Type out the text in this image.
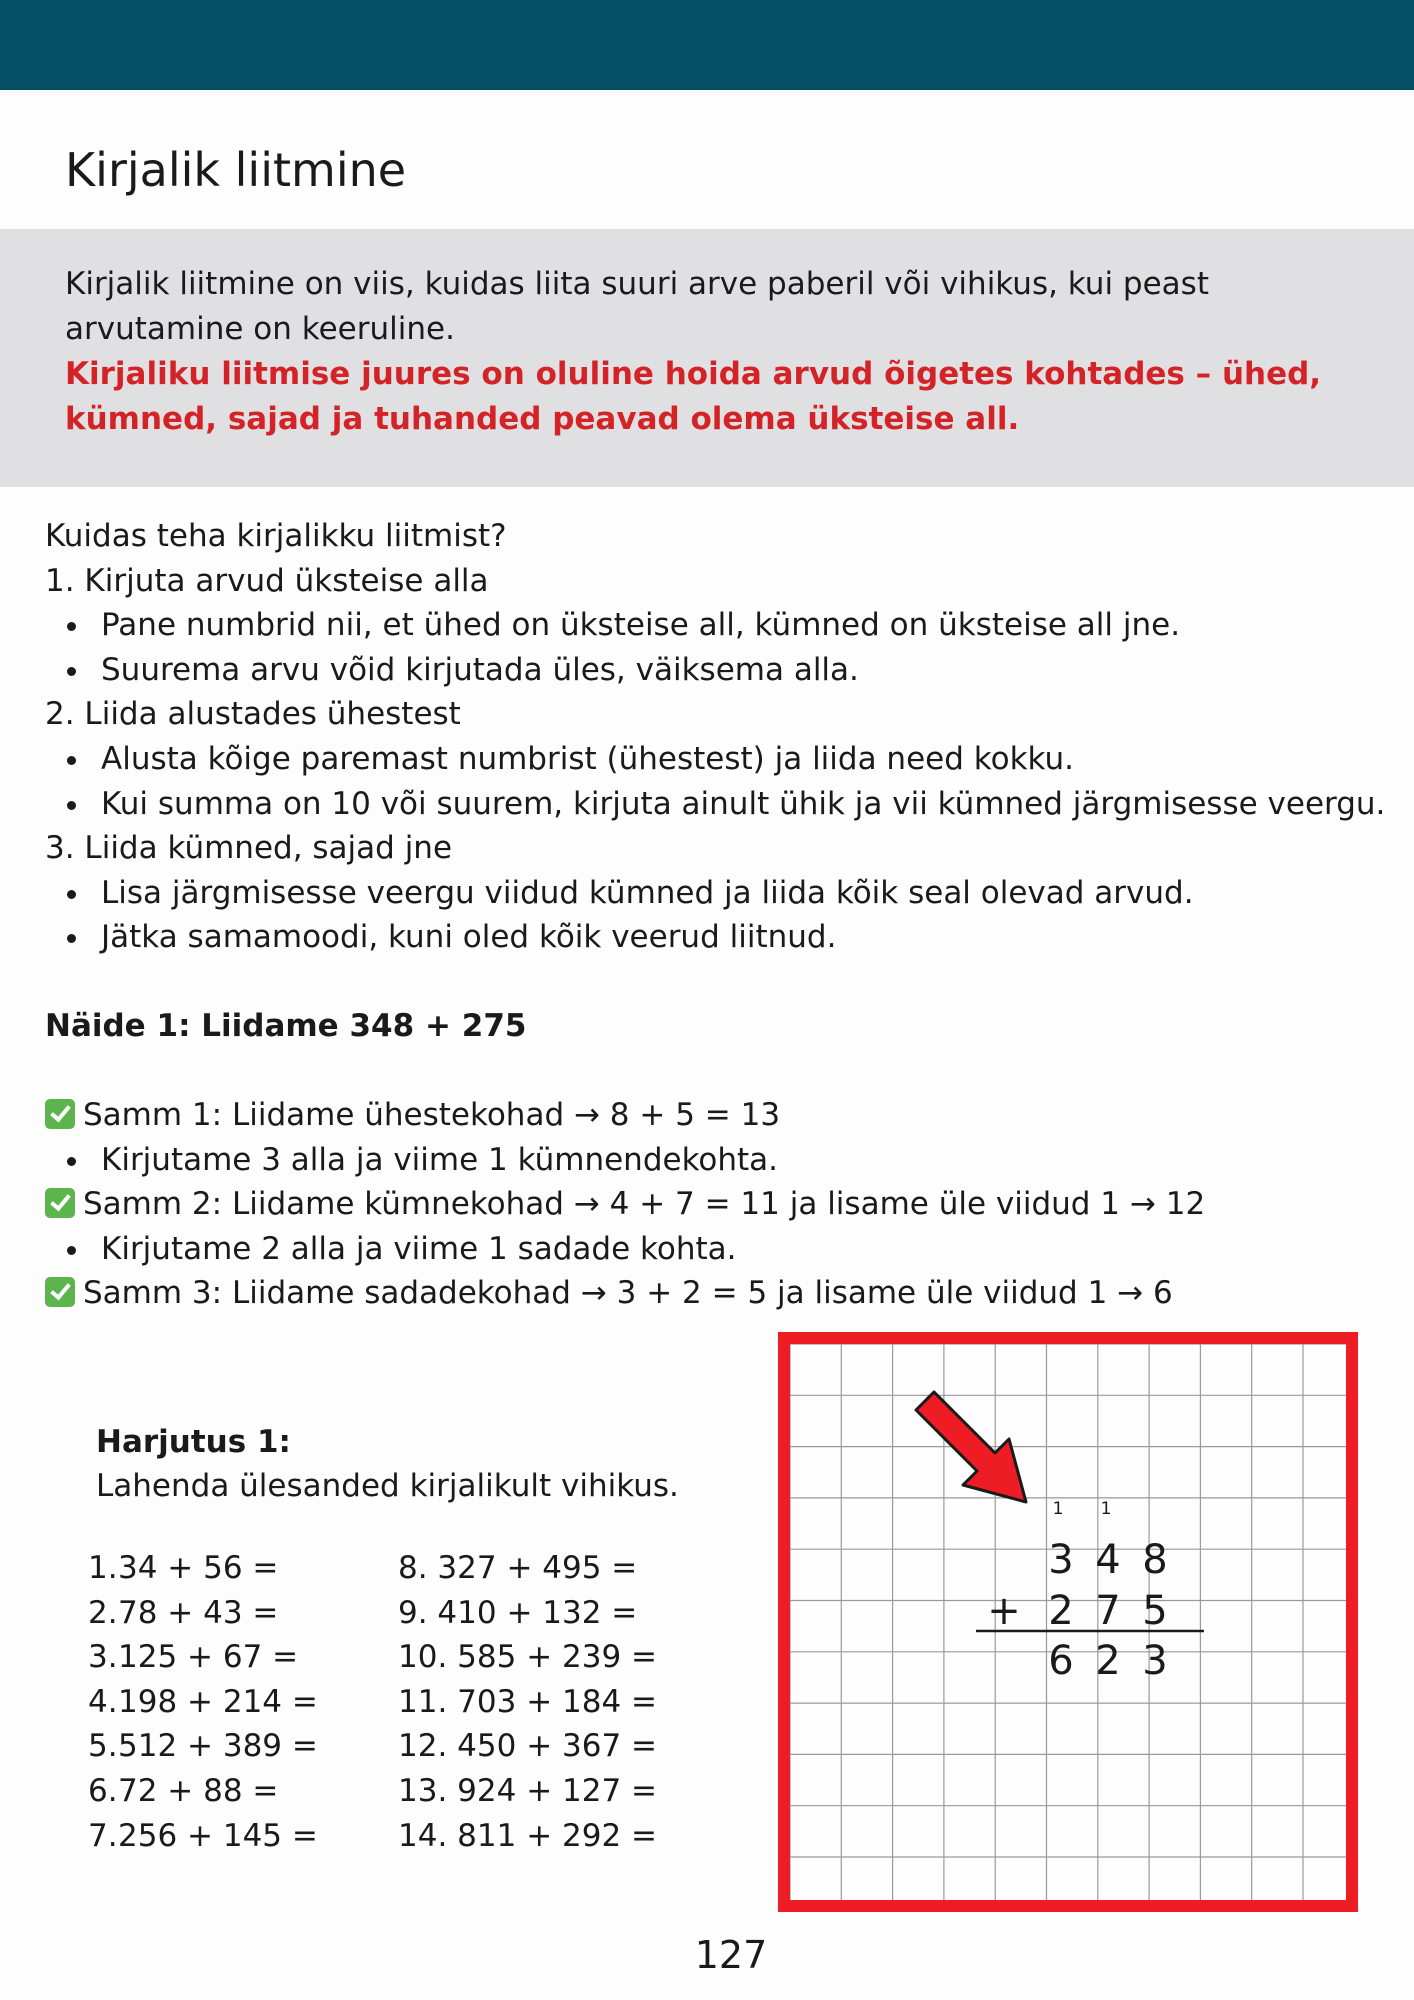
Kirjalik liitmine
Kirjalik liitmine on viis, kuidas liita suuri arve paberil või vihikus, kui peast arvutamine on keeruline.
Kirjaliku liitmise juures on oluline hoida arvud õigetes kohtades – ühed, kümned, sajad ja tuhanded peavad olema üksteise all.
Kuidas teha kirjalikku liitmist?
1. Kirjuta arvud üksteise alla
Pane numbrid nii, et ühed on üksteise all, kümned on üksteise all jne.
Suurema arvu võid kirjutada üles, väiksema alla.
2. Liida alustades ühestest
Alusta kõige paremast numbrist (ühestest) ja liida need kokku.
Kui summa on 10 või suurem, kirjuta ainult ühik ja vii kümned järgmisesse veergu.
3. Liida kümned, sajad jne
Lisa järgmisesse veergu viidud kümned ja liida kõik seal olevad arvud.
Jätka samamoodi, kuni oled kõik veerud liitnud.
Näide 1: Liidame 348 + 275
Samm 1: Liidame ühestekohad → 8 + 5 = 13
Kirjutame 3 alla ja viime 1 kümnendekohta.
Samm 2: Liidame kümnekohad → 4 + 7 = 11 ja lisame üle viidud 1 → 12
Kirjutame 2 alla ja viime 1 sadade kohta.
Samm 3: Liidame sadadekohad → 3 + 2 = 5 ja lisame üle viidud 1 → 6
Harjutus 1:
Lahenda ülesanded kirjalikult vihikus.
1.34 + 56 =
2.78 + 43 =
3.125 + 67 =
4.198 + 214 =
5.512 + 389 =
6.72 + 88 =
7.256 + 145 =
8. 327 + 495 =
9. 410 + 132 =
10. 585 + 239 =
11. 703 + 184 =
12. 450 + 367 =
13. 924 + 127 =
14. 811 + 292 =
1 1
3 4 8
+ 2 7 5
6 2 3
127
